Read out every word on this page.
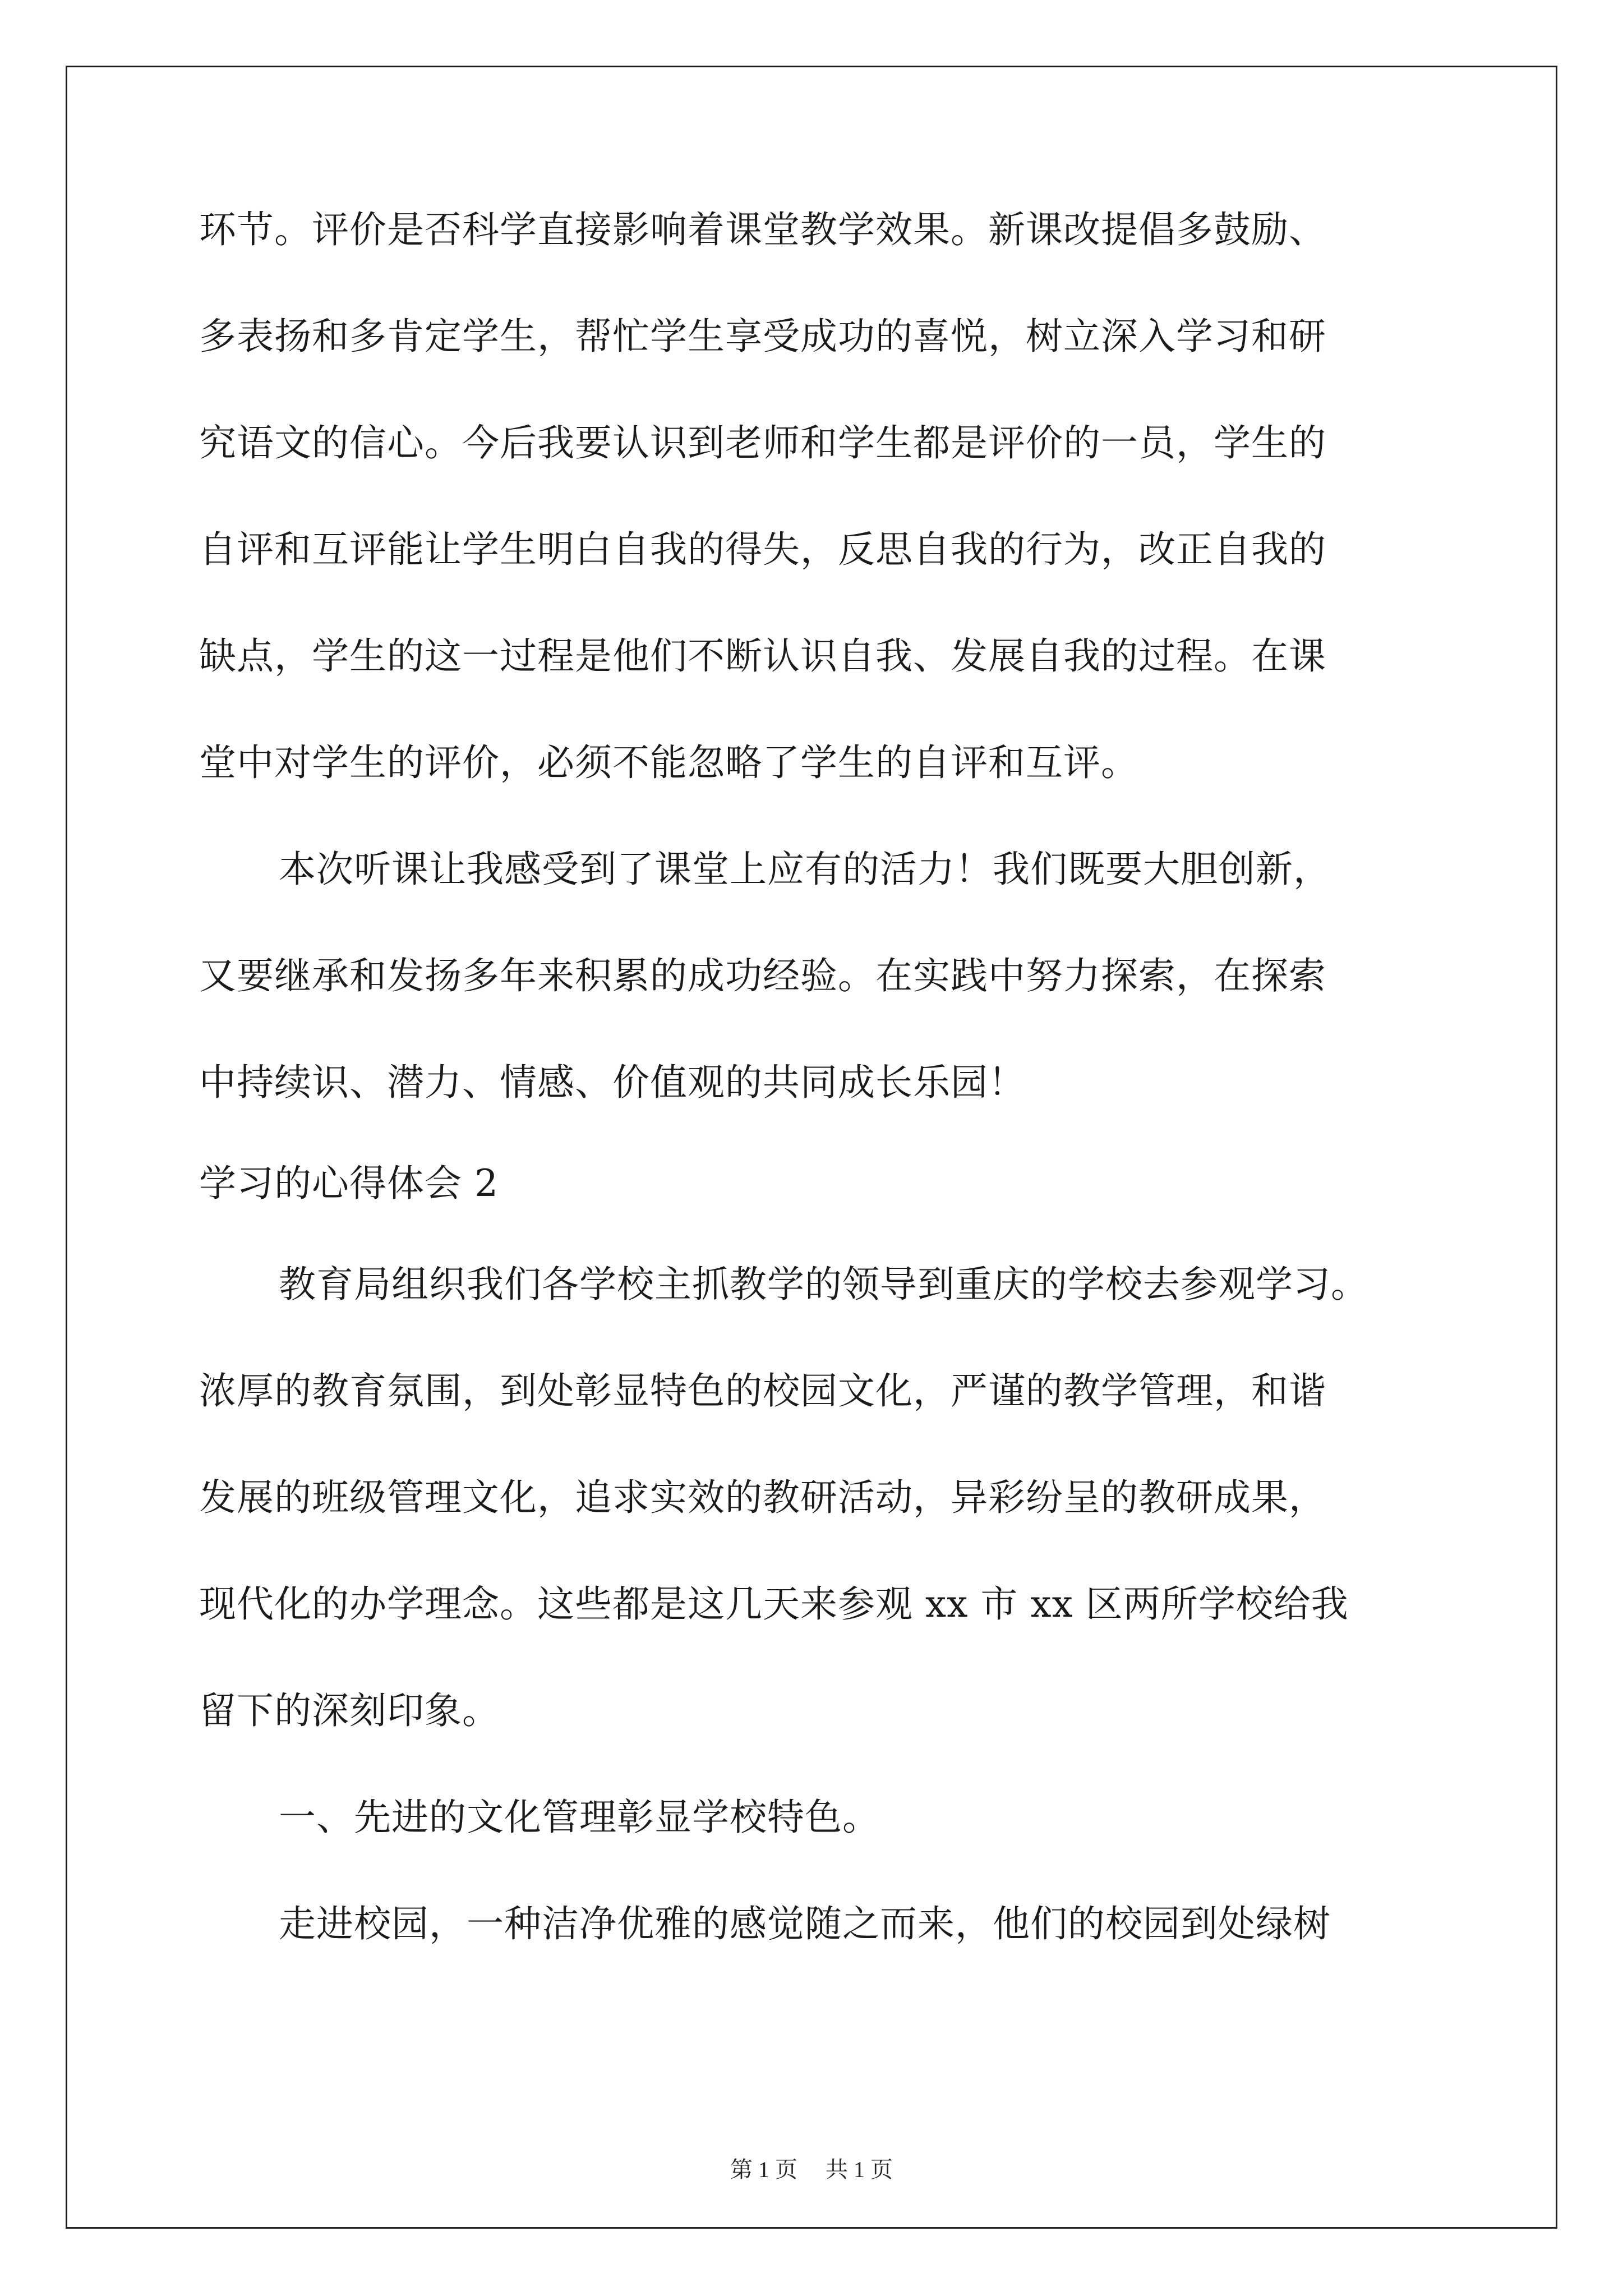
环节。评价是否科学直接影响着课堂教学效果。新课改提倡多鼓励、
多表扬和多肯定学生，帮忙学生享受成功的喜悦，树立深入学习和研
究语文的信心。今后我要认识到老师和学生都是评价的一员，学生的
自评和互评能让学生明白自我的得失，反思自我的行为，改正自我的
缺点，学生的这一过程是他们不断认识自我、发展自我的过程。在课
堂中对学生的评价，必须不能忽略了学生的自评和互评。
本次听课让我感受到了课堂上应有的活力！我们既要大胆创新，
又要继承和发扬多年来积累的成功经验。在实践中努力探索，在探索
中持续识、潜力、情感、价值观的共同成长乐园！
学习的心得体会 2
教育局组织我们各学校主抓教学的领导到重庆的学校去参观学习。
浓厚的教育氛围，到处彰显特色的校园文化，严谨的教学管理，和谐
发展的班级管理文化，追求实效的教研活动，异彩纷呈的教研成果，
现代化的办学理念。这些都是这几天来参观 xx 市 xx 区两所学校给我
留下的深刻印象。
一、先进的文化管理彰显学校特色。
走进校园，一种洁净优雅的感觉随之而来，他们的校园到处绿树
第 1 页 共 1 页
